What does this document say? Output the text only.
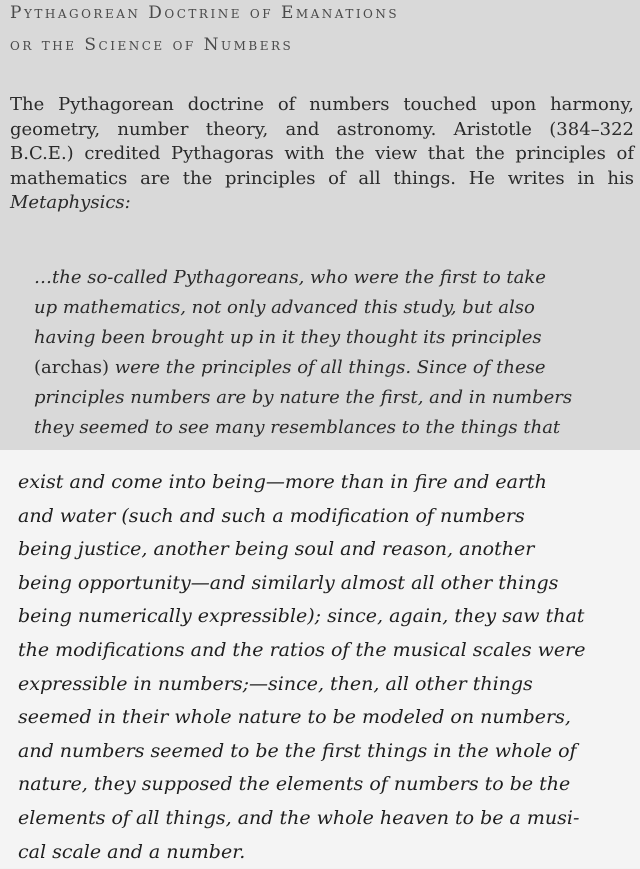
Pythagorean Doctrine of Emanations
or the Science of Numbers
The Pythagorean doctrine of numbers touched upon harmony,
geometry, number theory, and astronomy. Aristotle (384–322
B.C.E.) credited Pythagoras with the view that the principles of
mathematics are the principles of all things. He writes in his
Metaphysics:
…the so-called Pythagoreans, who were the first to take
up mathematics, not only advanced this study, but also
having been brought up in it they thought its principles
(archas) were the principles of all things. Since of these
principles numbers are by nature the first, and in numbers
they seemed to see many resemblances to the things that
exist and come into being—more than in fire and earth
and water (such and such a modification of numbers
being justice, another being soul and reason, another
being opportunity—and similarly almost all other things
being numerically expressible); since, again, they saw that
the modifications and the ratios of the musical scales were
expressible in numbers;—since, then, all other things
seemed in their whole nature to be modeled on numbers,
and numbers seemed to be the first things in the whole of
nature, they supposed the elements of numbers to be the
elements of all things, and the whole heaven to be a musi-
cal scale and a number.
